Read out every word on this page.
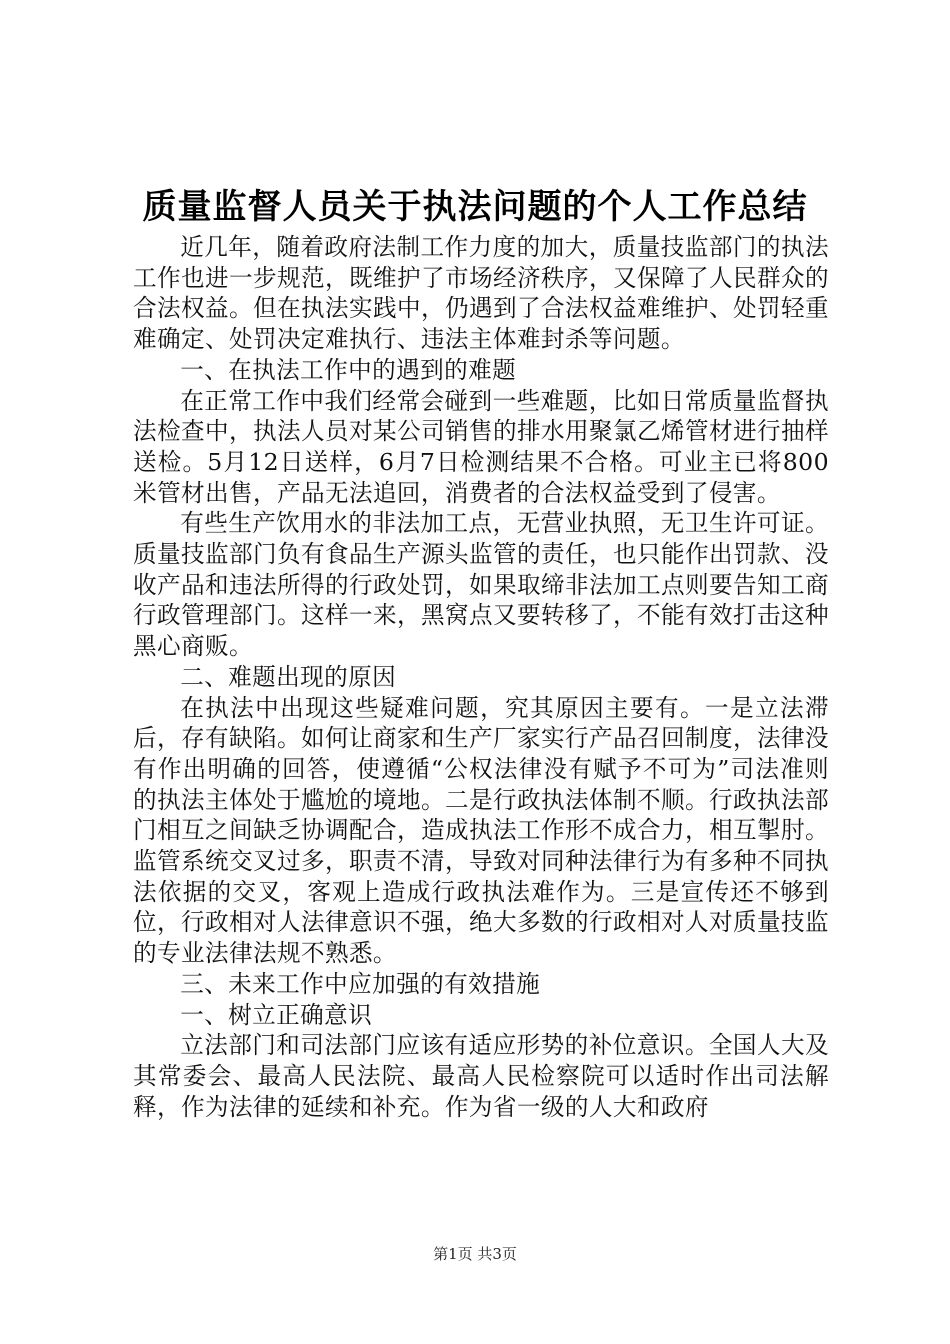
质量监督人员关于执法问题的个人工作总结

近几年，随着政府法制工作力度的加大，质量技监部门的执法工作也进一步规范，既维护了市场经济秩序，又保障了人民群众的合法权益。但在执法实践中，仍遇到了合法权益难维护、处罚轻重难确定、处罚决定难执行、违法主体难封杀等问题。

一、在执法工作中的遇到的难题

在正常工作中我们经常会碰到一些难题，比如日常质量监督执法检查中，执法人员对某公司销售的排水用聚氯乙烯管材进行抽样送检。5月12日送样，6月7日检测结果不合格。可业主已将800米管材出售，产品无法追回，消费者的合法权益受到了侵害。

有些生产饮用水的非法加工点，无营业执照，无卫生许可证。质量技监部门负有食品生产源头监管的责任，也只能作出罚款、没收产品和违法所得的行政处罚，如果取缔非法加工点则要告知工商行政管理部门。这样一来，黑窝点又要转移了，不能有效打击这种黑心商贩。

二、难题出现的原因

在执法中出现这些疑难问题，究其原因主要有。一是立法滞后，存有缺陷。如何让商家和生产厂家实行产品召回制度，法律没有作出明确的回答，使遵循“公权法律没有赋予不可为”司法准则的执法主体处于尴尬的境地。二是行政执法体制不顺。行政执法部门相互之间缺乏协调配合，造成执法工作形不成合力，相互掣肘。监管系统交叉过多，职责不清，导致对同种法律行为有多种不同执法依据的交叉，客观上造成行政执法难作为。三是宣传还不够到位，行政相对人法律意识不强，绝大多数的行政相对人对质量技监的专业法律法规不熟悉。

三、未来工作中应加强的有效措施

一、树立正确意识

立法部门和司法部门应该有适应形势的补位意识。全国人大及其常委会、最高人民法院、最高人民检察院可以适时作出司法解释，作为法律的延续和补充。作为省一级的人大和政府

第1页 共3页
